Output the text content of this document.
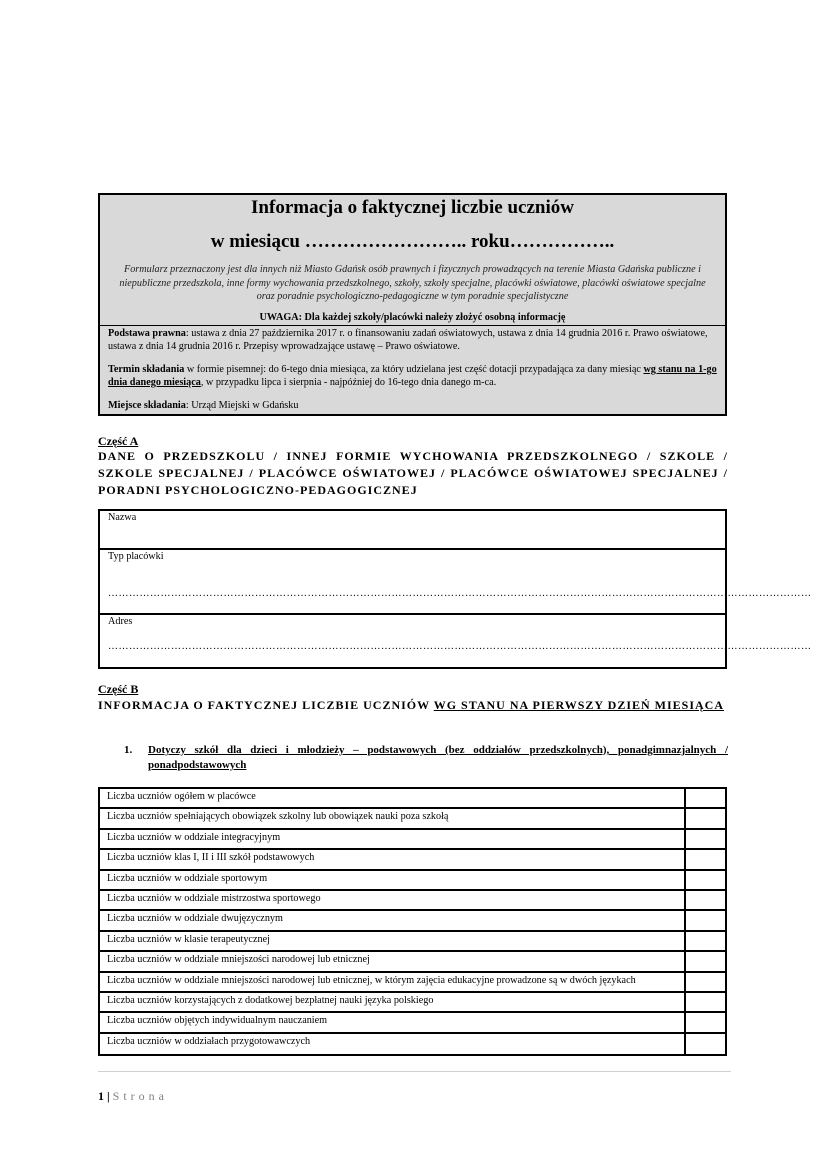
Informacja o faktycznej liczbie uczniów
w miesiącu …………………….. roku……………..
Formularz przeznaczony jest dla innych niż Miasto Gdańsk osób prawnych i fizycznych prowadzących na terenie Miasta Gdańska publiczne i niepubliczne przedszkola, inne formy wychowania przedszkolnego, szkoły, szkoły specjalne, placówki oświatowe, placówki oświatowe specjalne oraz poradnie psychologiczno-pedagogiczne w tym poradnie specjalistyczne
UWAGA: Dla każdej szkoły/placówki należy złożyć osobną informację

Podstawa prawna: ustawa z dnia 27 października 2017 r. o finansowaniu zadań oświatowych, ustawa z dnia 14 grudnia 2016 r. Prawo oświatowe, ustawa z dnia 14 grudnia 2016 r. Przepisy wprowadzające ustawę – Prawo oświatowe.

Termin składania w formie pisemnej: do 6-tego dnia miesiąca, za który udzielana jest część dotacji przypadająca za dany miesiąc wg stanu na 1-go dnia danego miesiąca, w przypadku lipca i sierpnia - najpóźniej do 16-tego dnia danego m-ca.

Miejsce składania: Urząd Miejski w Gdańsku

Część A
DANE O PRZEDSZKOLU / INNEJ FORMIE WYCHOWANIA PRZEDSZKOLNEGO / SZKOLE / SZKOLE SPECJALNEJ / PLACÓWCE OŚWIATOWEJ / PLACÓWCE OŚWIATOWEJ SPECJALNEJ / PORADNI PSYCHOLOGICZNO-PEDAGOGICZNEJ
Nazwa
Typ placówki
…………………………………………………………………………………………………………………………………………………………………………………
Adres
…………………………………………………………………………………………………………………………………………………………………………………
Część B
INFORMACJA O FAKTYCZNEJ LICZBIE UCZNIÓW WG STANU NA PIERWSZY DZIEŃ MIESIĄCA
1. Dotyczy szkół dla dzieci i młodzieży – podstawowych (bez oddziałów przedszkolnych), ponadgimnazjalnych / ponadpodstawowych
Liczba uczniów ogółem w placówce
Liczba uczniów spełniających obowiązek szkolny lub obowiązek nauki poza szkołą
Liczba uczniów w oddziale integracyjnym
Liczba uczniów klas I, II i III szkół podstawowych
Liczba uczniów w oddziale sportowym
Liczba uczniów w oddziale mistrzostwa sportowego
Liczba uczniów w oddziale dwujęzycznym
Liczba uczniów w klasie terapeutycznej
Liczba uczniów w oddziale mniejszości narodowej lub etnicznej
Liczba uczniów w oddziale mniejszości narodowej lub etnicznej, w którym zajęcia edukacyjne prowadzone są w dwóch językach
Liczba uczniów korzystających z dodatkowej bezpłatnej nauki języka polskiego
Liczba uczniów objętych indywidualnym nauczaniem
Liczba uczniów w oddziałach przygotowawczych
1 | Strona
